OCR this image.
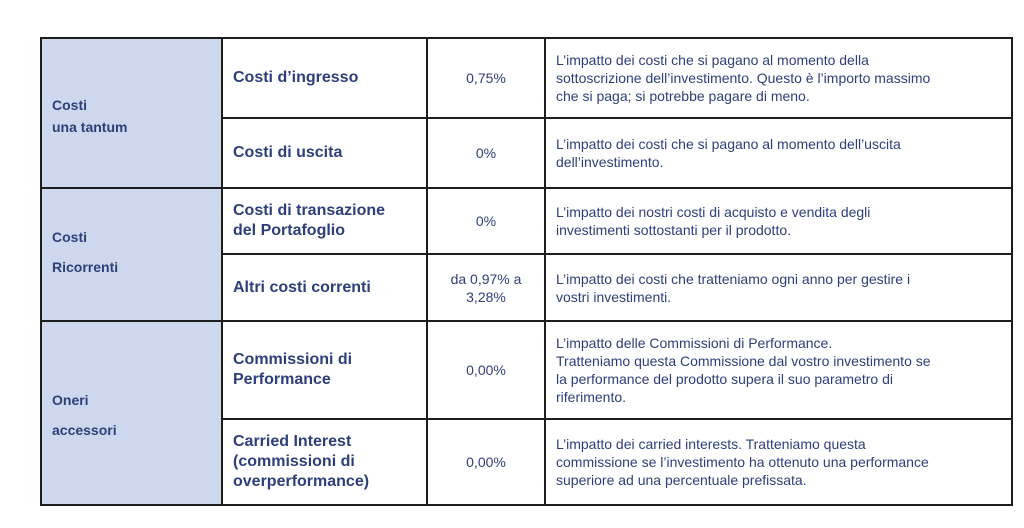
Costi
una tantum	Costi d’ingresso	0,75%	L’impatto dei costi che si pagano al momento della
sottoscrizione dell’investimento. Questo è l’importo massimo
che si paga; si potrebbe pagare di meno.

	Costi di uscita	0%	L’impatto dei costi che si pagano al momento dell’uscita
dell’investimento.

Costi
Ricorrenti	Costi di transazione
del Portafoglio	0%	L’impatto dei nostri costi di acquisto e vendita degli
investimenti sottostanti per il prodotto.

	Altri costi correnti	da 0,97% a
3,28%	L’impatto dei costi che tratteniamo ogni anno per gestire i
vostri investimenti.

Oneri
accessori	Commissioni di
Performance	0,00%	L’impatto delle Commissioni di Performance.
Tratteniamo questa Commissione dal vostro investimento se
la performance del prodotto supera il suo parametro di
riferimento.

	Carried Interest
(commissioni di
overperformance)	0,00%	L’impatto dei carried interests. Tratteniamo questa
commissione se l’investimento ha ottenuto una performance
superiore ad una percentuale prefissata.
